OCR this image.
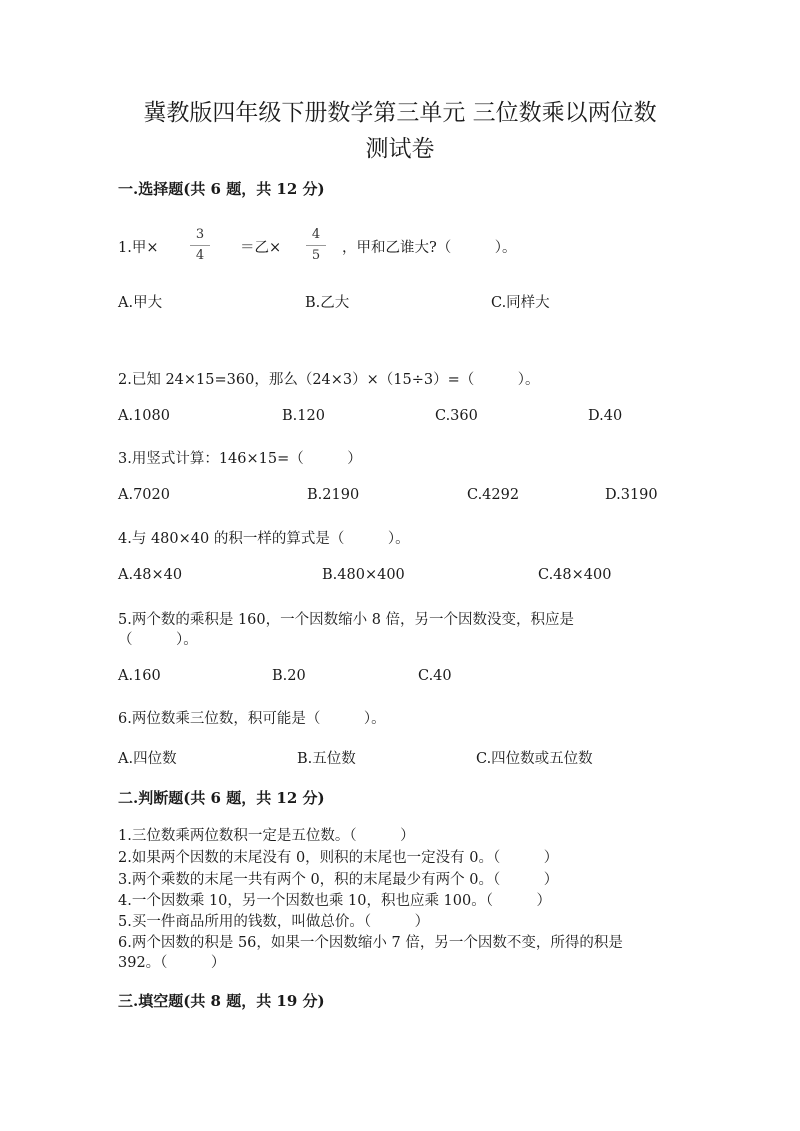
冀教版四年级下册数学第三单元 三位数乘以两位数
测试卷
一.选择题(共 6 题，共 12 分)
1.甲×
3
4	＝乙×
4
5	，甲和乙谁大?（　　　）。
A.甲大	B.乙大	C.同样大
2.已知 24×15=360，那么（24×3）×（15÷3）=（　　　）。
A.1080	B.120	C.360	D.40
3.用竖式计算：146×15=（　　　）
A.7020	B.2190	C.4292	D.3190
4.与 480×40 的积一样的算式是（　　　）。
A.48×40	B.480×400	C.48×400
5.两个数的乘积是 160，一个因数缩小 8 倍，另一个因数没变，积应是
（　　　）。
A.160	B.20	C.40
6.两位数乘三位数，积可能是（　　　）。
A.四位数	B.五位数	C.四位数或五位数
二.判断题(共 6 题，共 12 分)
1.三位数乘两位数积一定是五位数。（　　　）
2.如果两个因数的末尾没有 0，则积的末尾也一定没有 0。（　　　）
3.两个乘数的末尾一共有两个 0，积的末尾最少有两个 0。（　　　）
4.一个因数乘 10，另一个因数也乘 10，积也应乘 100。（　　　）
5.买一件商品所用的钱数，叫做总价。（　　　）
6.两个因数的积是 56，如果一个因数缩小 7 倍，另一个因数不变，所得的积是
392。（　　　）
三.填空题(共 8 题，共 19 分)
